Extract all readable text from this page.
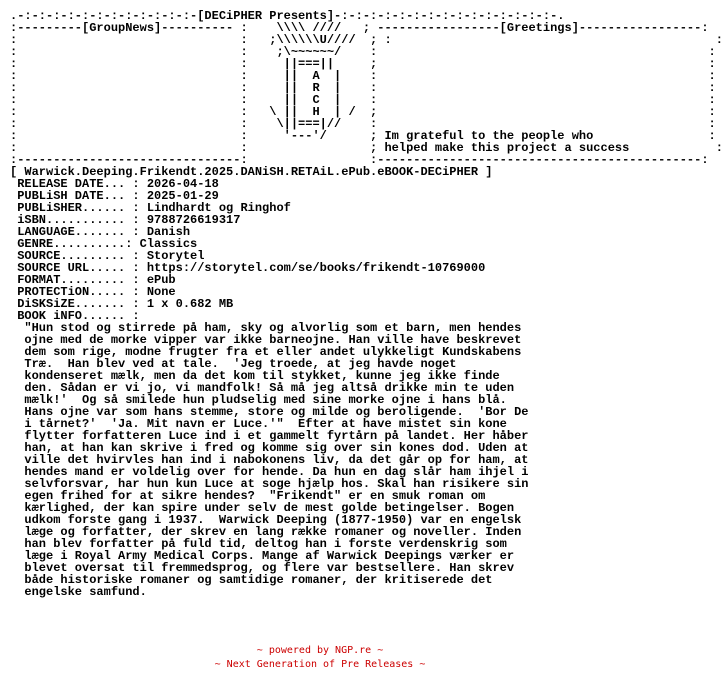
.-:-:-:-:-:-:-:-:-:-:-:-:-[DECiPHER Presents]-:-:-:-:-:-:-:-:-:-:-:-:-:-:-:-.
:---------[GroupNews]---------- :    \\\\ ////   ; -----------------[Greetings]-----------------:
:                               :   ;\\\\\\U////  ; :                                             :
:                               :    ;\~~~~~~/    :                                              :
:                               :     ||===||     ;                                              :
:                               :     ||  A  |    :                                              :
:                               :     ||  R  |    :                                              :
:                               :     ||  C  |    :                                              :
:                               :   \ ||  H  | /  ;                                              :
:                               :    \||===|//    :                                              :
:                               :     '---'/      ; Im grateful to the people who                :
:                               :                 ; helped make this project a success            :
:-------------------------------:                 :---------------------------------------------:
[ Warwick.Deeping.Frikendt.2025.DANiSH.RETAiL.ePub.eBOOK-DECiPHER ]
RELEASE DATE... : 2026-04-18
PUBLiSH DATE... : 2025-01-29
PUBLiSHER...... : Lindhardt og Ringhof
iSBN........... : 9788726619317
LANGUAGE....... : Danish
GENRE..........: Classics
SOURCE......... : Storytel
SOURCE URL..... : https://storytel.com/se/books/frikendt-10769000
FORMAT......... : ePub
PROTECTiON..... : None
DiSKSiZE....... : 1 x 0.682 MB
BOOK iNFO...... :
"Hun stod og stirrede på ham, sky og alvorlig som et barn, men hendes
ojne med de morke vipper var ikke barneojne. Han ville have beskrevet
dem som rige, modne frugter fra et eller andet ulykkeligt Kundskabens
Træ.  Han blev ved at tale.  'Jeg troede, at jeg havde noget
kondenseret mælk, men da det kom til stykket, kunne jeg ikke finde
den. Sådan er vi jo, vi mandfolk! Så må jeg altså drikke min te uden
mælk!'  Og så smilede hun pludselig med sine morke ojne i hans blå.
Hans ojne var som hans stemme, store og milde og beroligende.  'Bor De
i tårnet?'  'Ja. Mit navn er Luce.'"  Efter at have mistet sin kone
flytter forfatteren Luce ind i et gammelt fyrtårn på landet. Her håber
han, at han kan skrive i fred og komme sig over sin kones dod. Uden at
ville det hvirvles han ind i nabokonens liv, da det går op for ham, at
hendes mand er voldelig over for hende. Da hun en dag slår ham ihjel i
selvforsvar, har hun kun Luce at soge hjælp hos. Skal han risikere sin
egen frihed for at sikre hendes?  "Frikendt" er en smuk roman om
kærlighed, der kan spire under selv de mest golde betingelser. Bogen
udkom forste gang i 1937.  Warwick Deeping (1877-1950) var en engelsk
læge og forfatter, der skrev en lang række romaner og noveller. Inden
han blev forfatter på fuld tid, deltog han i forste verdenskrig som
læge i Royal Army Medical Corps. Mange af Warwick Deepings værker er
blevet oversat til fremmedsprog, og flere var bestsellere. Han skrev
både historiske romaner og samtidige romaner, der kritiserede det
engelske samfund.
~ powered by NGP.re ~
~ Next Generation of Pre Releases ~
